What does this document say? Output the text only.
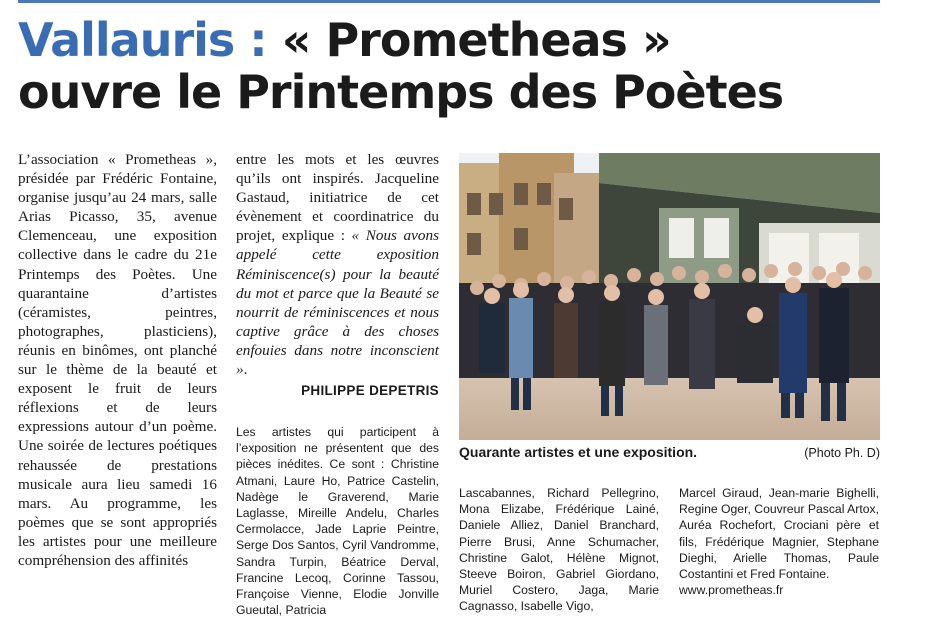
Vallauris : « Prometheas »
ouvre le Printemps des Poètes

L’association « Prometheas », présidée par Frédéric Fontaine, organise jusqu’au 24 mars, salle Arias Picasso, 35, avenue Clemenceau, une exposition collective dans le cadre du 21e Printemps des Poètes. Une quarantaine d’artistes (céramistes, peintres, photographes, plasticiens), réunis en binômes, ont planché sur le thème de la beauté et exposent le fruit de leurs réflexions et de leurs expressions autour d’un poème. Une soirée de lectures poétiques rehaussée de prestations musicale aura lieu samedi 16 mars. Au programme, les poèmes que se sont appropriés les artistes pour une meilleure compréhension des affinités

entre les mots et les œuvres qu’ils ont inspirés. Jacqueline Gastaud, initiatrice de cet évènement et coordinatrice du projet, explique : « Nous avons appelé cette exposition Réminiscence(s) pour la beauté du mot et parce que la Beauté se nourrit de réminiscences et nous captive grâce à des choses enfouies dans notre inconscient ».

PHILIPPE DEPETRIS
Les artistes qui participent à l’exposition ne présentent que des pièces inédites. Ce sont : Christine Atmani, Laure Ho, Patrice Castelin, Nadège le Graverend, Marie Laglasse, Mireille Andelu, Charles Cermolacce, Jade Laprie Peintre, Serge Dos Santos, Cyril Vandromme, Sandra Turpin, Béatrice Derval, Francine Lecoq, Corinne Tassou, Françoise Vienne, Elodie Jonville Gueutal, Patricia
Quarante artistes et une exposition.	(Photo Ph. D)
Lascabannes, Richard Pellegrino, Mona Elizabe, Frédérique Lainé, Daniele Alliez, Daniel Branchard, Pierre Brusi, Anne Schumacher, Christine Galot, Hélène Mignot, Steeve Boiron, Gabriel Giordano, Muriel Costero, Jaga, Marie Cagnasso, Isabelle Vigo,
Marcel Giraud, Jean-marie Bighelli, Regine Oger, Couvreur Pascal Artox, Auréa Rochefort, Crociani père et fils, Frédérique Magnier, Stephane Dieghi, Arielle Thomas, Paule Costantini et Fred Fontaine.
www.prometheas.fr
